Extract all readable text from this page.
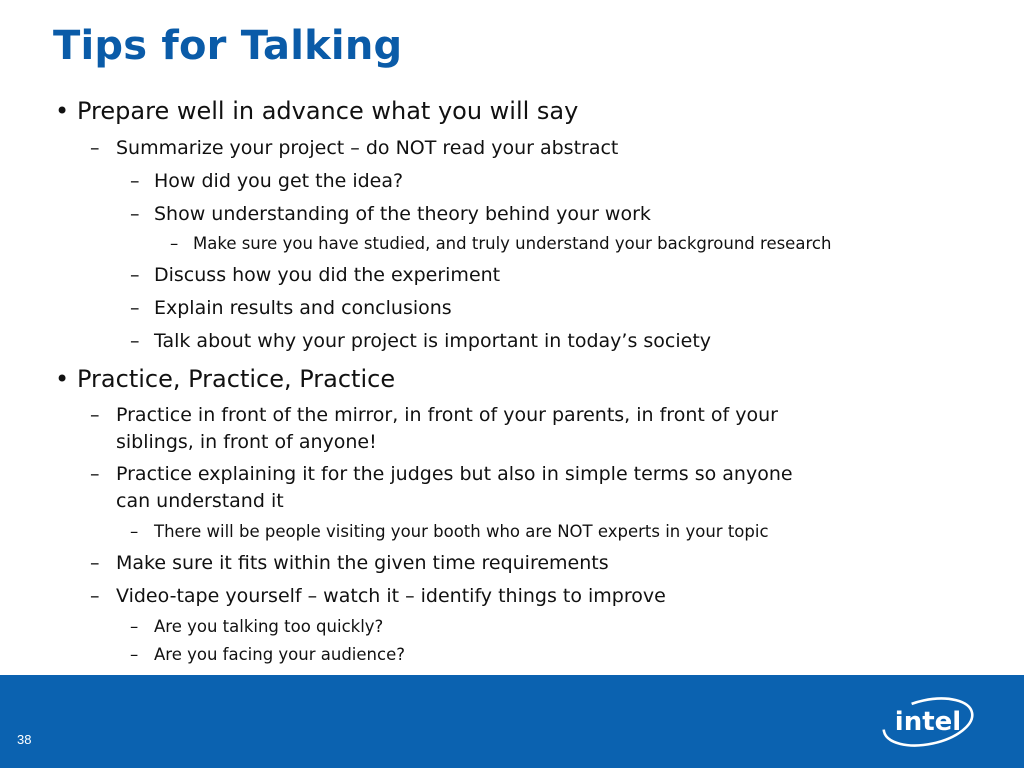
Tips for Talking
• Prepare well in advance what you will say
– Summarize your project – do NOT read your abstract
– How did you get the idea?
– Show understanding of the theory behind your work
– Make sure you have studied, and truly understand your background research
– Discuss how you did the experiment
– Explain results and conclusions
– Talk about why your project is important in today’s society
• Practice, Practice, Practice
– Practice in front of the mirror, in front of your parents, in front of your
siblings, in front of anyone!
– Practice explaining it for the judges but also in simple terms so anyone
can understand it
– There will be people visiting your booth who are NOT experts in your topic
– Make sure it fits within the given time requirements
– Video-tape yourself – watch it – identify things to improve
– Are you talking too quickly?
– Are you facing your audience?
38
intel
